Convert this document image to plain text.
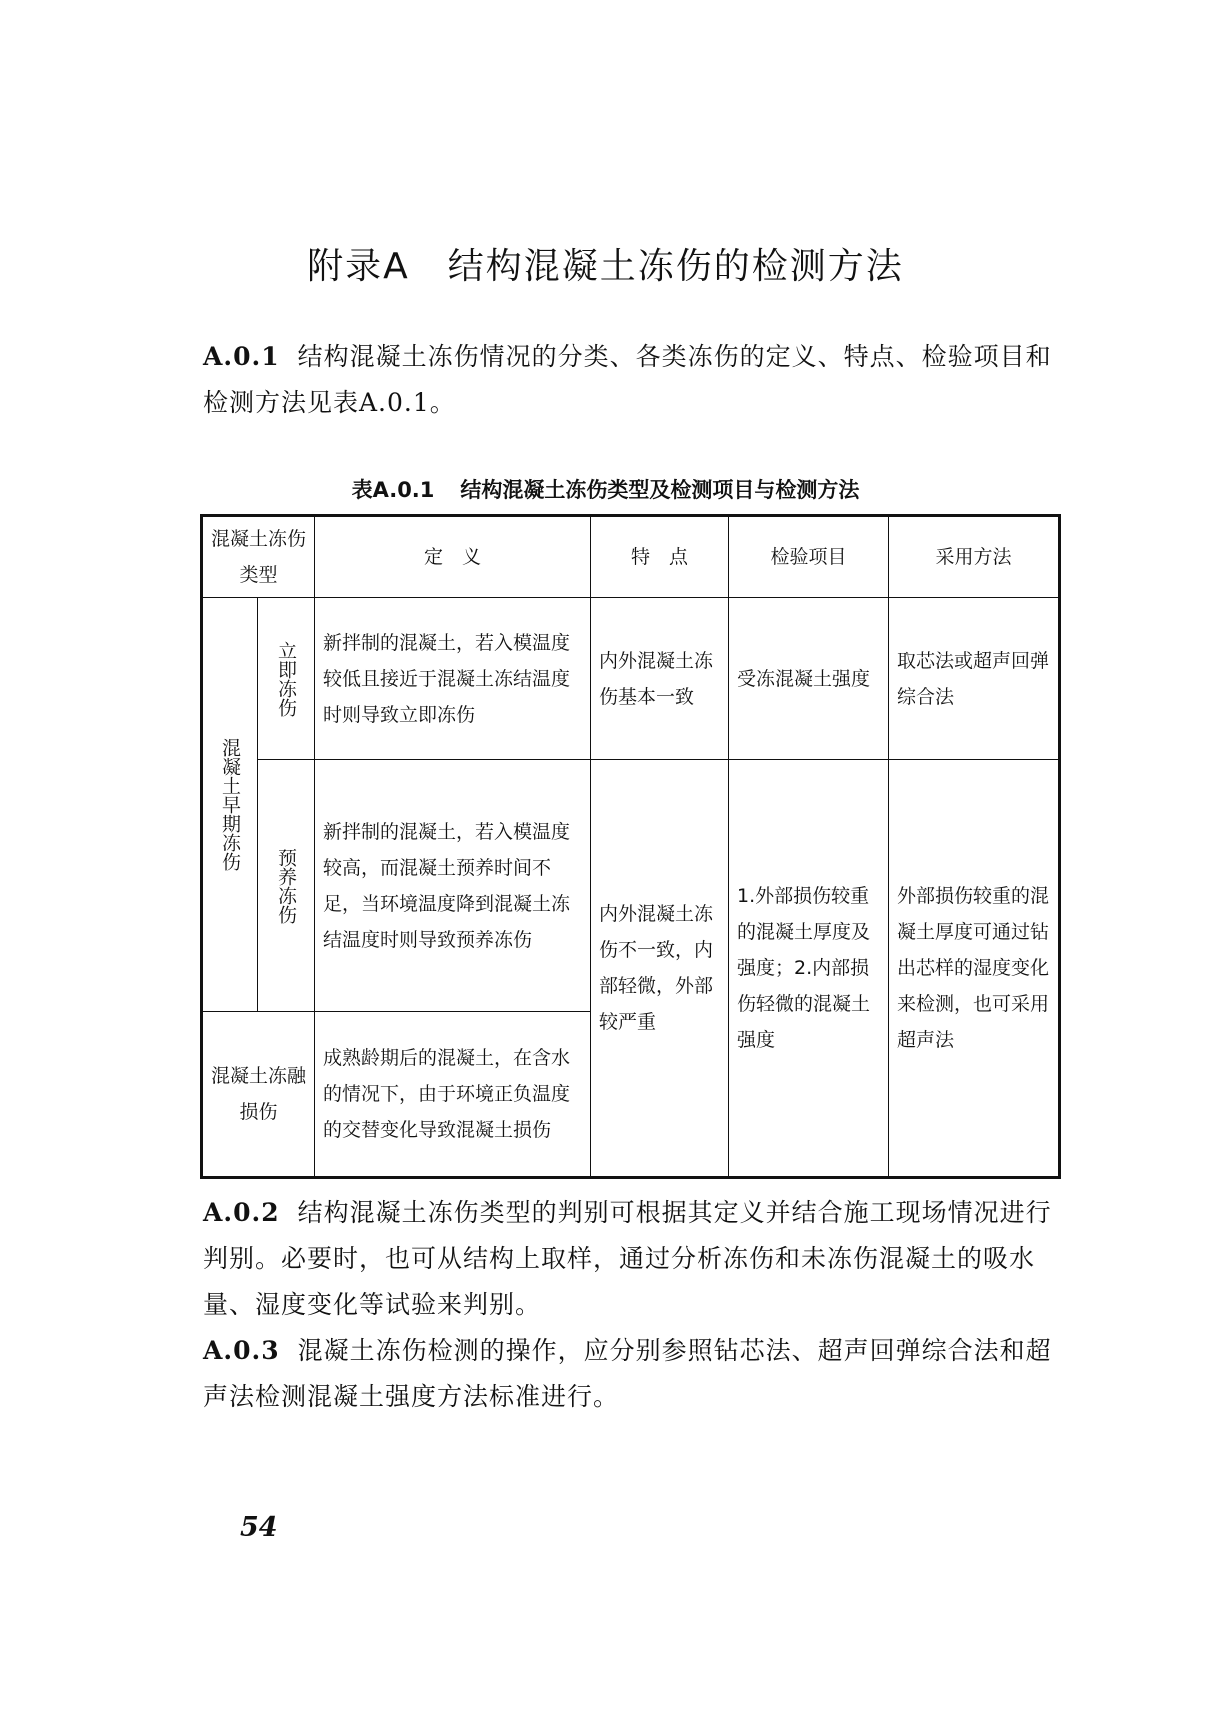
附录A　结构混凝土冻伤的检测方法
A.0.1 结构混凝土冻伤情况的分类、各类冻伤的定义、特点、检验项目和检测方法见表A.0.1。
表A.0.1 结构混凝土冻伤类型及检测项目与检测方法
混凝土冻伤类型		定　义	特　点	检验项目	采用方法

混凝土早期冻伤	立即冻伤	新拌制的混凝土，若入模温度较低且接近于混凝土冻结温度时则导致立即冻伤	内外混凝土冻伤基本一致	受冻混凝土强度	取芯法或超声回弹综合法

	预养冻伤	新拌制的混凝土，若入模温度较高，而混凝土预养时间不足，当环境温度降到混凝土冻结温度时则导致预养冻伤	内外混凝土冻伤不一致，内部轻微，外部较严重	1.外部损伤较重的混凝土厚度及强度；2.内部损伤轻微的混凝土强度	外部损伤较重的混凝土厚度可通过钻出芯样的湿度变化来检测，也可采用超声法
混凝土冻融损伤		成熟龄期后的混凝土，在含水的情况下，由于环境正负温度的交替变化导致混凝土损伤			
A.0.2 结构混凝土冻伤类型的判别可根据其定义并结合施工现场情况进行判别。必要时，也可从结构上取样，通过分析冻伤和未冻伤混凝土的吸水量、湿度变化等试验来判别。
A.0.3 混凝土冻伤检测的操作，应分别参照钻芯法、超声回弹综合法和超声法检测混凝土强度方法标准进行。
54
